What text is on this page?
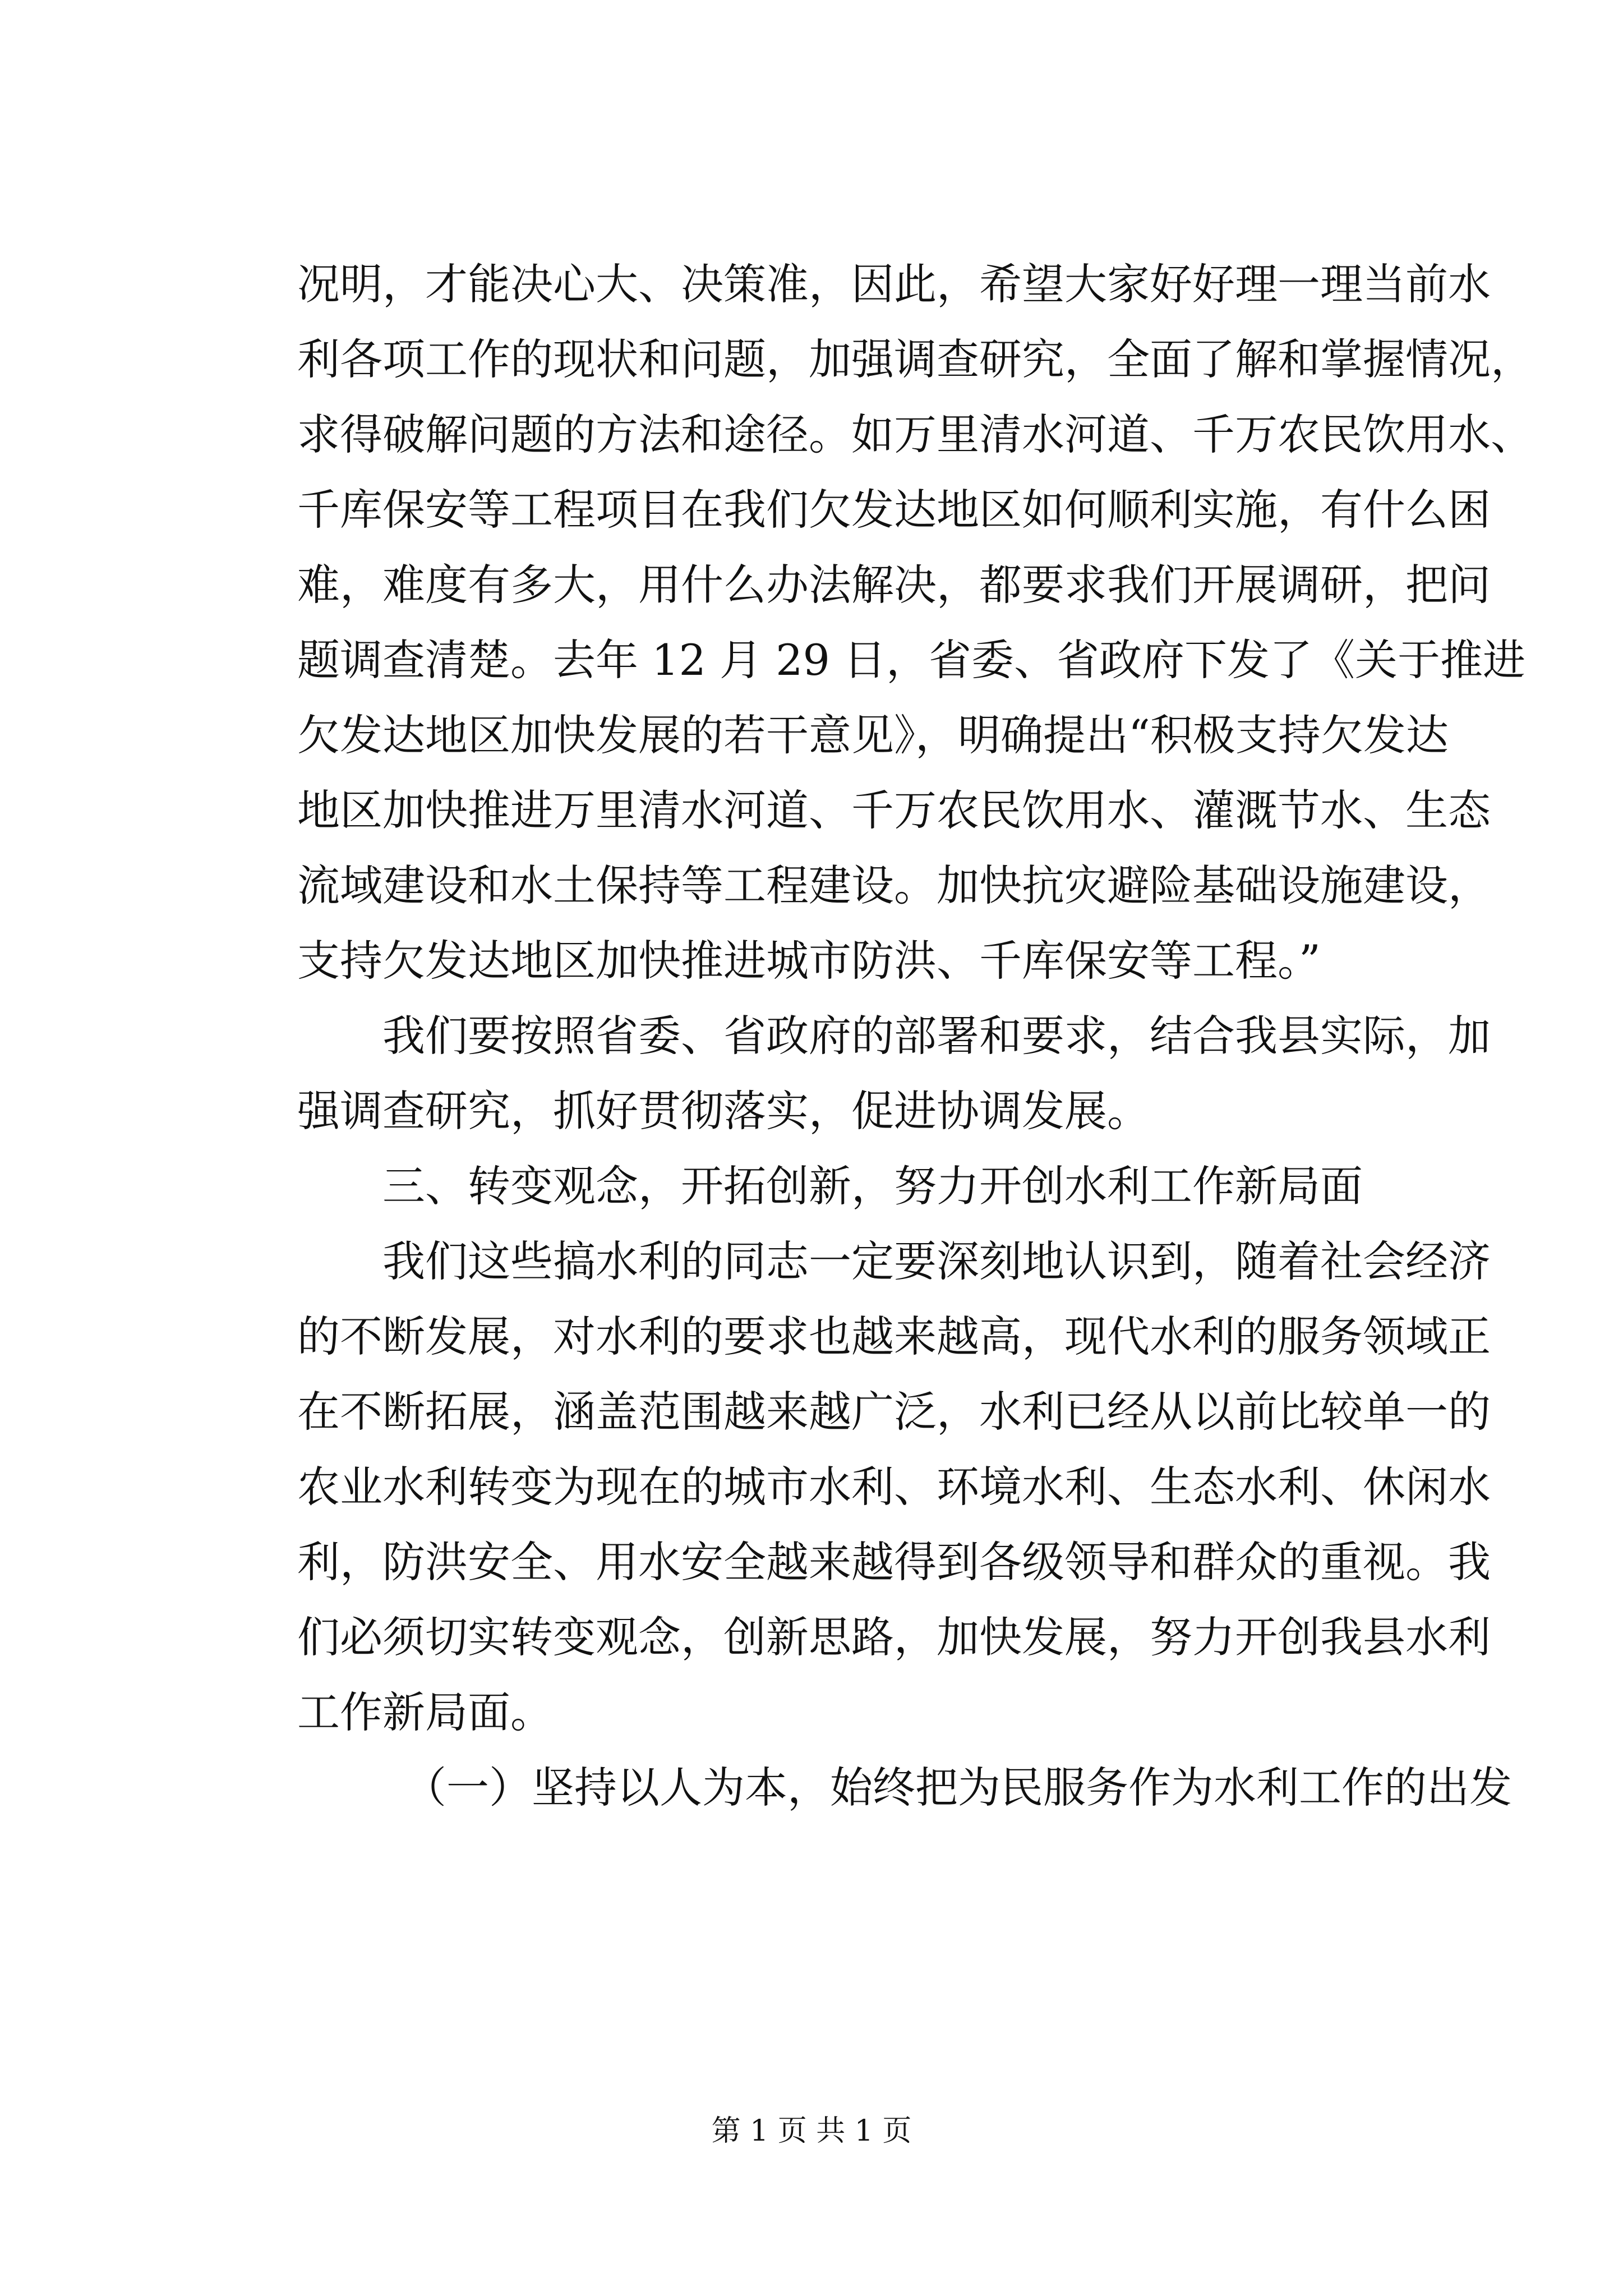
况明，才能决心大、决策准，因此，希望大家好好理一理当前水
利各项工作的现状和问题，加强调查研究，全面了解和掌握情况，
求得破解问题的方法和途径。如万里清水河道、千万农民饮用水、
千库保安等工程项目在我们欠发达地区如何顺利实施，有什么困
难，难度有多大，用什么办法解决，都要求我们开展调研，把问
题调查清楚。去年 12 月 29 日，省委、省政府下发了《关于推进
欠发达地区加快发展的若干意见》，明确提出“积极支持欠发达
地区加快推进万里清水河道、千万农民饮用水、灌溉节水、生态
流域建设和水土保持等工程建设。加快抗灾避险基础设施建设，
支持欠发达地区加快推进城市防洪、千库保安等工程。”
我们要按照省委、省政府的部署和要求，结合我县实际，加
强调查研究，抓好贯彻落实，促进协调发展。
三、转变观念，开拓创新，努力开创水利工作新局面
我们这些搞水利的同志一定要深刻地认识到，随着社会经济
的不断发展，对水利的要求也越来越高，现代水利的服务领域正
在不断拓展，涵盖范围越来越广泛，水利已经从以前比较单一的
农业水利转变为现在的城市水利、环境水利、生态水利、休闲水
利，防洪安全、用水安全越来越得到各级领导和群众的重视。我
们必须切实转变观念，创新思路，加快发展，努力开创我县水利
工作新局面。
（一）坚持以人为本，始终把为民服务作为水利工作的出发
第 1 页 共 1 页
